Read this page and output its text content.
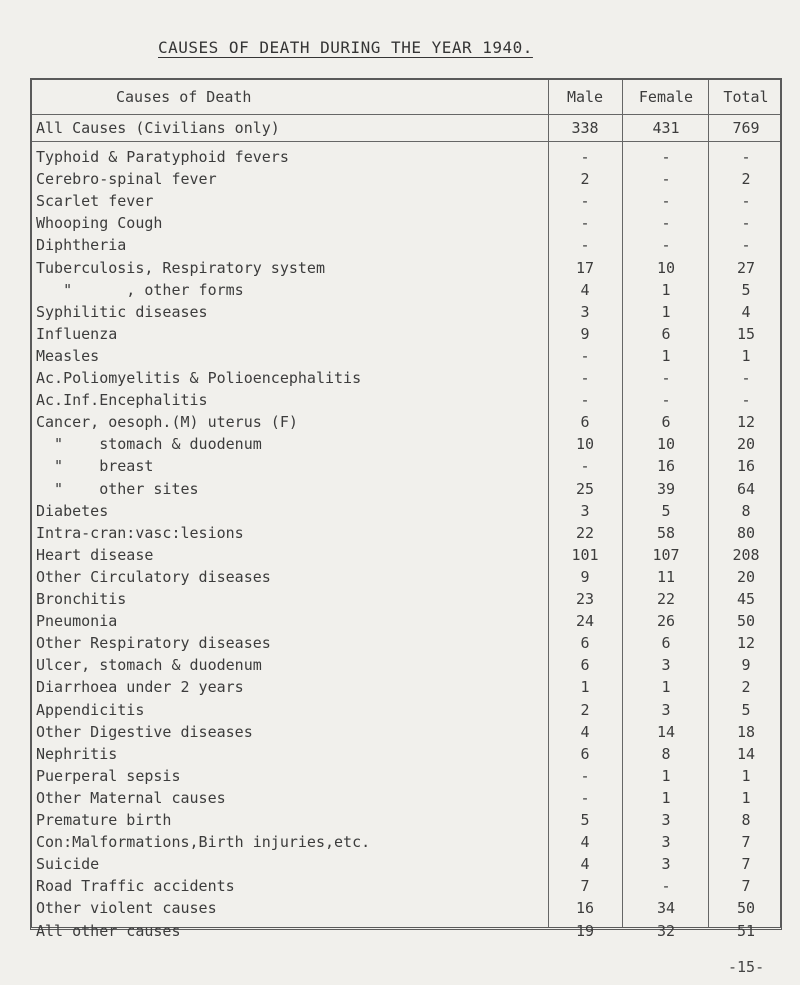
CAUSES OF DEATH DURING THE YEAR 1940.
Causes of Death	Male	Female	Total
All Causes (Civilians only)	338	431	769
Typhoid & Paratyphoid fevers	-	-	-
Cerebro-spinal fever	2	-	2
Scarlet fever	-	-	-
Whooping Cough	-	-	-
Diphtheria	-	-	-
Tuberculosis, Respiratory system	17	10	27
"      , other forms	4	1	5
Syphilitic diseases	3	1	4
Influenza	9	6	15
Measles	-	1	1
Ac.Poliomyelitis & Polioencephalitis	-	-	-
Ac.Inf.Encephalitis	-	-	-
Cancer, oesoph.(M) uterus (F)	6	6	12
"    stomach & duodenum	10	10	20
"    breast	-	16	16
"    other sites	25	39	64
Diabetes	3	5	8
Intra-cran:vasc:lesions	22	58	80
Heart disease	101	107	208
Other Circulatory diseases	9	11	20
Bronchitis	23	22	45
Pneumonia	24	26	50
Other Respiratory diseases	6	6	12
Ulcer, stomach & duodenum	6	3	9
Diarrhoea under 2 years	1	1	2
Appendicitis	2	3	5
Other Digestive diseases	4	14	18
Nephritis	6	8	14
Puerperal sepsis	-	1	1
Other Maternal causes	-	1	1
Premature birth	5	3	8
Con:Malformations,Birth injuries,etc.	4	3	7
Suicide	4	3	7
Road Traffic accidents	7	-	7
Other violent causes	16	34	50
All other causes	19	32	51
-15-
